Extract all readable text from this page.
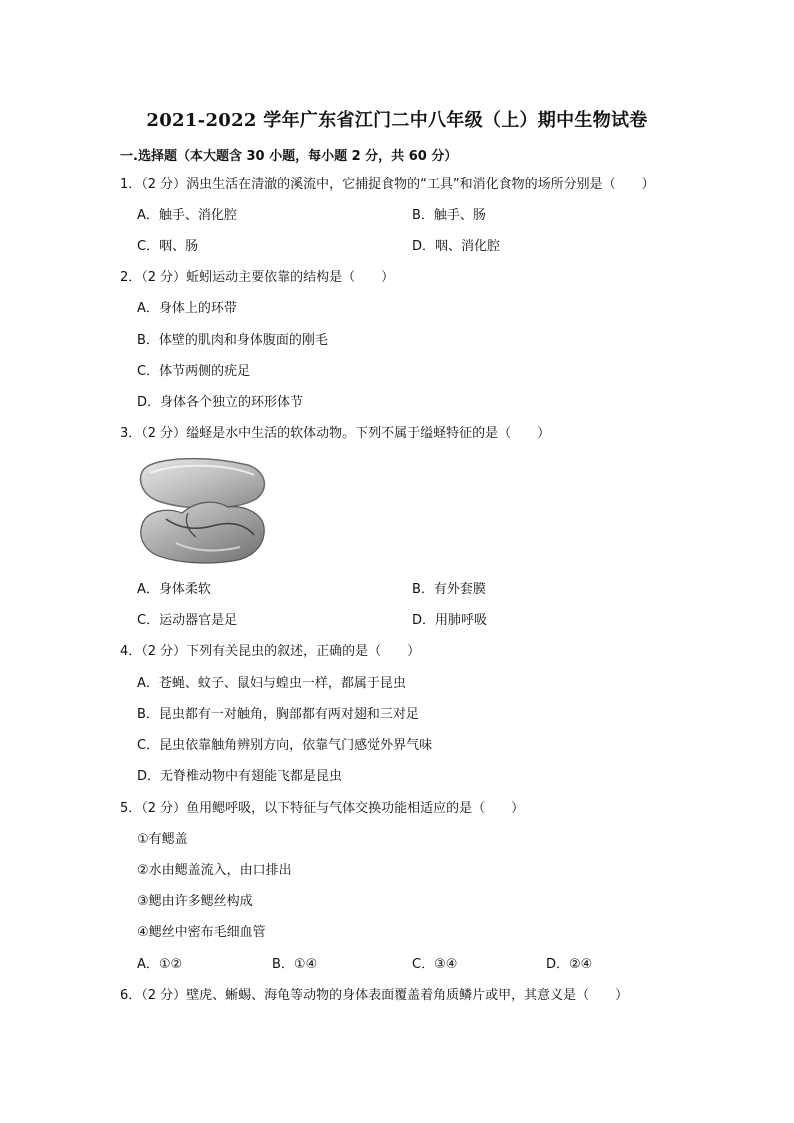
2021-2022 学年广东省江门二中八年级（上）期中生物试卷
一.选择题（本大题含 30 小题，每小题 2 分，共 60 分）
1．（2 分）涡虫生活在清澈的溪流中，它捕捉食物的“工具”和消化食物的场所分别是（　　）
A．触手、消化腔	B．触手、肠
C．咽、肠	D．咽、消化腔
2．（2 分）蚯蚓运动主要依靠的结构是（　　）
A．身体上的环带
B．体壁的肌肉和身体腹面的刚毛
C．体节两侧的疣足
D．身体各个独立的环形体节
3．（2 分）缢蛏是水中生活的软体动物。下列不属于缢蛏特征的是（　　）
A．身体柔软	B．有外套膜
C．运动器官是足	D．用肺呼吸
4．（2 分）下列有关昆虫的叙述，正确的是（　　）
A．苍蝇、蚊子、鼠妇与蝗虫一样，都属于昆虫
B．昆虫都有一对触角，胸部都有两对翅和三对足
C．昆虫依靠触角辨别方向，依靠气门感觉外界气味
D．无脊椎动物中有翅能飞都是昆虫
5．（2 分）鱼用鳃呼吸，以下特征与气体交换功能相适应的是（　　）
①有鳃盖
②水由鳃盖流入，由口排出
③鳃由许多鳃丝构成
④鳃丝中密布毛细血管
A．①②	B．①④	C．③④	D．②④
6．（2 分）壁虎、蜥蜴、海龟等动物的身体表面覆盖着角质鳞片或甲，其意义是（　　）
